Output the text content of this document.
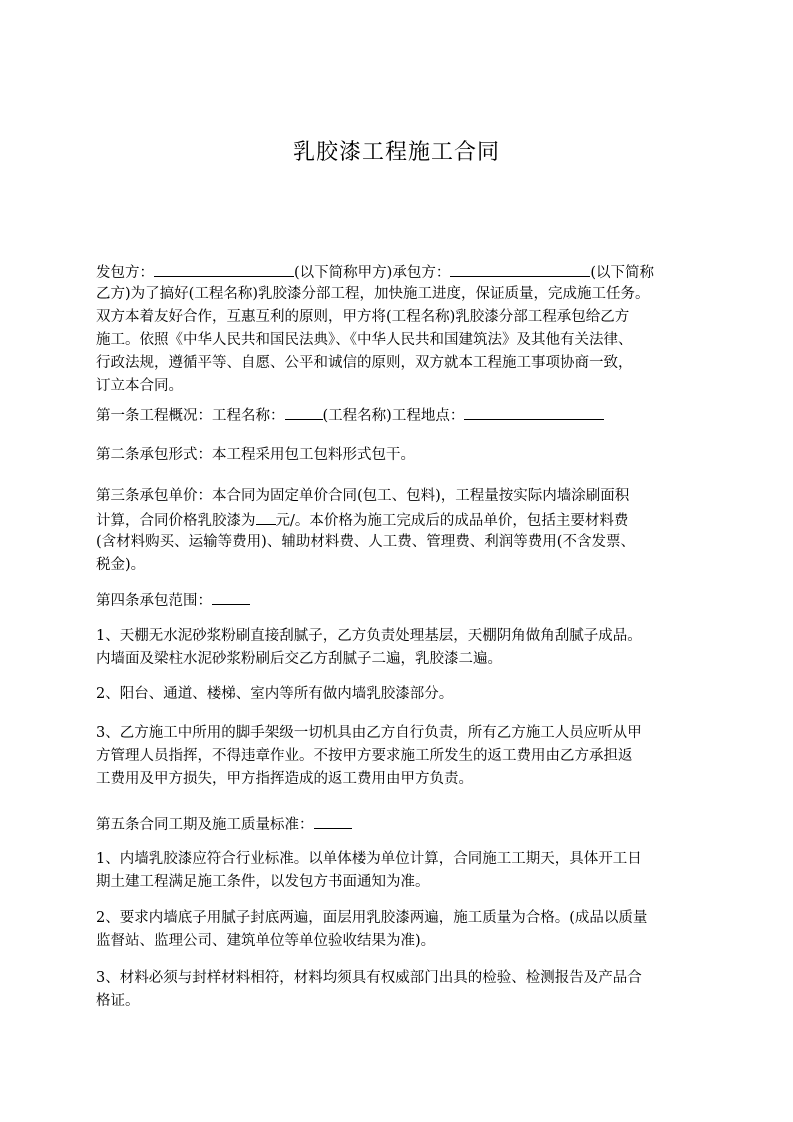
乳胶漆工程施工合同
发包方：	(以下简称甲方)承包方：	(以下简称
乙方)为了搞好(工程名称)乳胶漆分部工程，加快施工进度，保证质量，完成施工任务。
双方本着友好合作，互惠互利的原则，甲方将(工程名称)乳胶漆分部工程承包给乙方
施工。依照《中华人民共和国民法典》、《中华人民共和国建筑法》及其他有关法律、
行政法规，遵循平等、自愿、公平和诚信的原则，双方就本工程施工事项协商一致，
订立本合同。
第一条工程概况：工程名称：	(工程名称)工程地点：
第二条承包形式：本工程采用包工包料形式包干。
第三条承包单价：本合同为固定单价合同(包工、包料)，工程量按实际内墙涂刷面积
计算，合同价格乳胶漆为 元/。本价格为施工完成后的成品单价，包括主要材料费
(含材料购买、运输等费用)、辅助材料费、人工费、管理费、利润等费用(不含发票、
税金)。
第四条承包范围：
1、天棚无水泥砂浆粉刷直接刮腻子，乙方负责处理基层，天棚阴角做角刮腻子成品。
内墙面及梁柱水泥砂浆粉刷后交乙方刮腻子二遍，乳胶漆二遍。
2、阳台、通道、楼梯、室内等所有做内墙乳胶漆部分。
3、乙方施工中所用的脚手架级一切机具由乙方自行负责，所有乙方施工人员应听从甲
方管理人员指挥，不得违章作业。不按甲方要求施工所发生的返工费用由乙方承担返
工费用及甲方损失，甲方指挥造成的返工费用由甲方负责。
第五条合同工期及施工质量标准：
1、内墙乳胶漆应符合行业标准。以单体楼为单位计算，合同施工工期天，具体开工日
期土建工程满足施工条件，以发包方书面通知为准。
2、要求内墙底子用腻子封底两遍，面层用乳胶漆两遍，施工质量为合格。(成品以质量
监督站、监理公司、建筑单位等单位验收结果为准)。
3、材料必须与封样材料相符，材料均须具有权威部门出具的检验、检测报告及产品合
格证。
